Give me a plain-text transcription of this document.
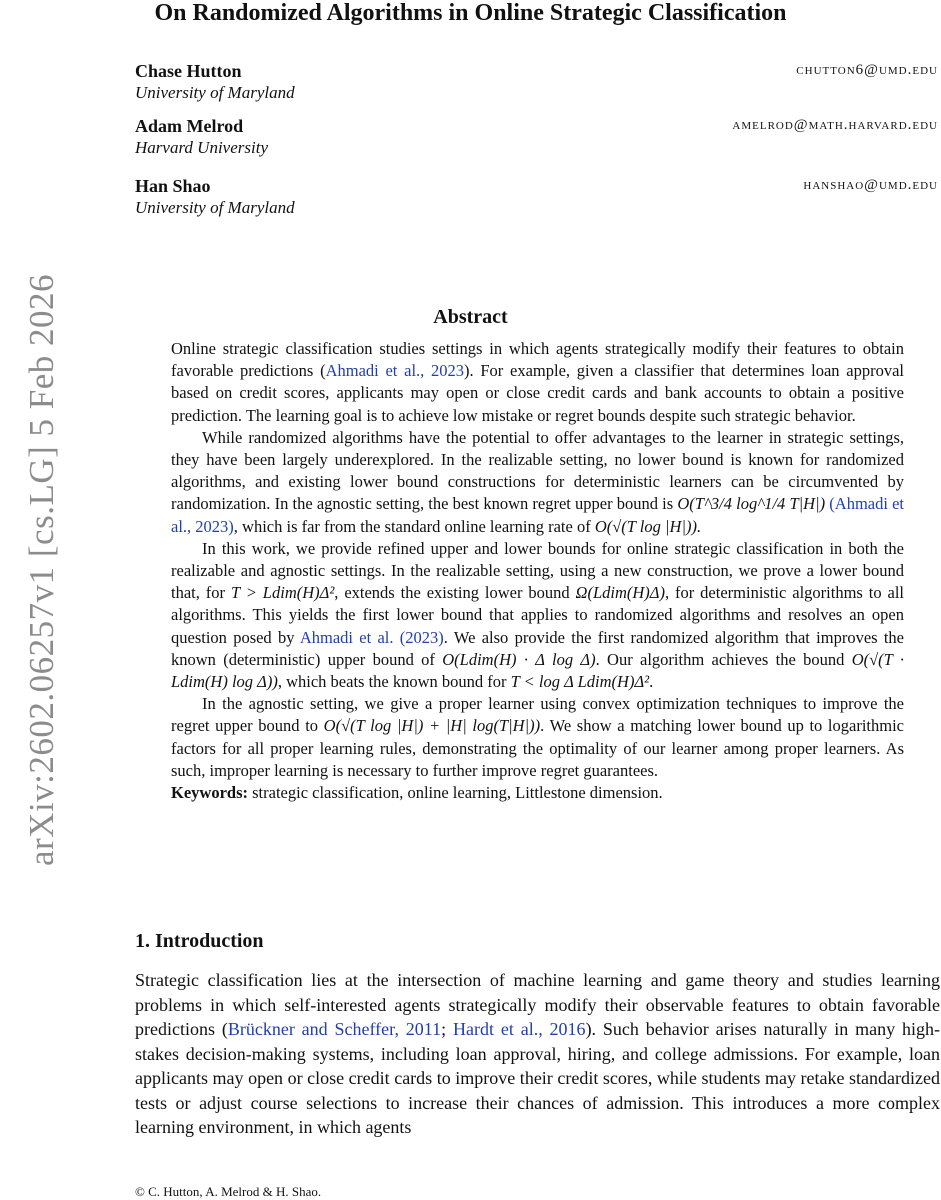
On Randomized Algorithms in Online Strategic Classification
Chase Hutton
University of Maryland
chutton6@umd.edu
Adam Melrod
Harvard University
amelrod@math.harvard.edu
Han Shao
University of Maryland
hanshao@umd.edu
arXiv:2602.06257v1 [cs.LG] 5 Feb 2026	Abstract

Online strategic classification studies settings in which agents strategically modify their features to obtain favorable predictions (Ahmadi et al., 2023). For example, given a classifier that determines loan approval based on credit scores, applicants may open or close credit cards and bank accounts to obtain a positive prediction. The learning goal is to achieve low mistake or regret bounds despite such strategic behavior.

While randomized algorithms have the potential to offer advantages to the learner in strategic settings, they have been largely underexplored. In the realizable setting, no lower bound is known for randomized algorithms, and existing lower bound constructions for deterministic learners can be circumvented by randomization. In the agnostic setting, the best known regret upper bound is O(T^3/4 log^1/4 T|H|) (Ahmadi et al., 2023), which is far from the standard online learning rate of O(√(T log |H|)).

In this work, we provide refined upper and lower bounds for online strategic classification in both the realizable and agnostic settings. In the realizable setting, using a new construction, we prove a lower bound that, for T > Ldim(H)Δ², extends the existing lower bound Ω(Ldim(H)Δ), for deterministic algorithms to all algorithms. This yields the first lower bound that applies to randomized algorithms and resolves an open question posed by Ahmadi et al. (2023). We also provide the first randomized algorithm that improves the known (deterministic) upper bound of O(Ldim(H) · Δ log Δ). Our algorithm achieves the bound O(√(T · Ldim(H) log Δ)), which beats the known bound for T < log Δ Ldim(H)Δ².

In the agnostic setting, we give a proper learner using convex optimization techniques to improve the regret upper bound to O(√(T log |H|) + |H| log(T|H|)). We show a matching lower bound up to logarithmic factors for all proper learning rules, demonstrating the optimality of our learner among proper learners. As such, improper learning is necessary to further improve regret guarantees.

Keywords: strategic classification, online learning, Littlestone dimension.

1. Introduction

Strategic classification lies at the intersection of machine learning and game theory and studies learning problems in which self-interested agents strategically modify their observable features to obtain favorable predictions (Brückner and Scheffer, 2011; Hardt et al., 2016). Such behavior arises naturally in many high-stakes decision-making systems, including loan approval, hiring, and college admissions. For example, loan applicants may open or close credit cards to improve their credit scores, while students may retake standardized tests or adjust course selections to increase their chances of admission. This introduces a more complex learning environment, in which agents

© C. Hutton, A. Melrod & H. Shao.
